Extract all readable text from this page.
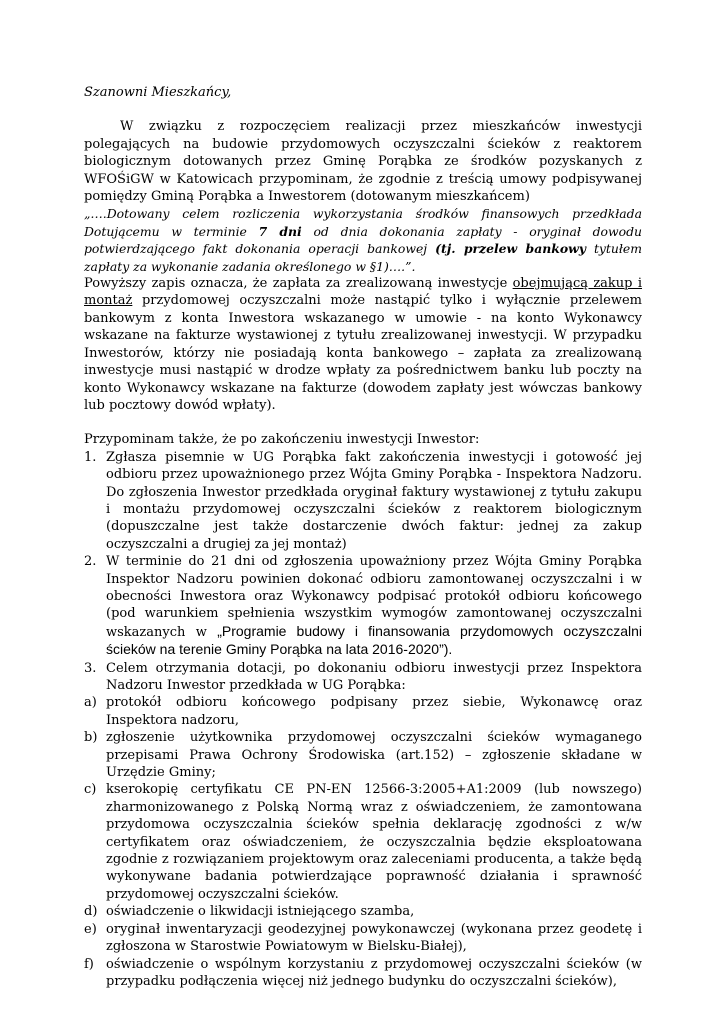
Szanowni Mieszkańcy,

W związku z rozpoczęciem realizacji przez mieszkańców inwestycji polegających na budowie przydomowych oczyszczalni ścieków z reaktorem biologicznym dotowanych przez Gminę Porąbka ze środków pozyskanych z WFOŚiGW w Katowicach przypominam, że zgodnie z treścią umowy podpisywanej pomiędzy Gminą Porąbka a Inwestorem (dotowanym mieszkańcem)

„….Dotowany celem rozliczenia wykorzystania środków finansowych przedkłada Dotującemu w terminie 7 dni od dnia dokonania zapłaty - oryginał dowodu potwierdzającego fakt dokonania operacji bankowej (tj. przelew bankowy tytułem zapłaty za wykonanie zadania określonego w §1)….”.

Powyższy zapis oznacza, że zapłata za zrealizowaną inwestycje obejmującą zakup i montaż przydomowej oczyszczalni może nastąpić tylko i wyłącznie przelewem bankowym z konta Inwestora wskazanego w umowie - na konto Wykonawcy wskazane na fakturze wystawionej z tytułu zrealizowanej inwestycji. W przypadku Inwestorów, którzy nie posiadają konta bankowego – zapłata za zrealizowaną inwestycje musi nastąpić w drodze wpłaty za pośrednictwem banku lub poczty na konto Wykonawcy wskazane na fakturze (dowodem zapłaty jest wówczas bankowy lub pocztowy dowód wpłaty).

Przypominam także, że po zakończeniu inwestycji Inwestor:

1. Zgłasza pisemnie w UG Porąbka fakt zakończenia inwestycji i gotowość jej odbioru przez upoważnionego przez Wójta Gminy Porąbka - Inspektora Nadzoru. Do zgłoszenia Inwestor przedkłada oryginał faktury wystawionej z tytułu zakupu i montażu przydomowej oczyszczalni ścieków z reaktorem biologicznym (dopuszczalne jest także dostarczenie dwóch faktur: jednej za zakup oczyszczalni a drugiej za jej montaż)
2. W terminie do 21 dni od zgłoszenia upoważniony przez Wójta Gminy Porąbka Inspektor Nadzoru powinien dokonać odbioru zamontowanej oczyszczalni i w obecności Inwestora oraz Wykonawcy podpisać protokół odbioru końcowego (pod warunkiem spełnienia wszystkim wymogów zamontowanej oczyszczalni wskazanych w „Programie budowy i finansowania przydomowych oczyszczalni ścieków na terenie Gminy Porąbka na lata 2016-2020”).
3. Celem otrzymania dotacji, po dokonaniu odbioru inwestycji przez Inspektora Nadzoru Inwestor przedkłada w UG Porąbka:
a) protokół odbioru końcowego podpisany przez siebie, Wykonawcę oraz Inspektora nadzoru,
b) zgłoszenie użytkownika przydomowej oczyszczalni ścieków wymaganego przepisami Prawa Ochrony Środowiska (art.152) – zgłoszenie składane w Urzędzie Gminy;
c) kserokopię certyfikatu CE PN-EN 12566-3:2005+A1:2009 (lub nowszego) zharmonizowanego z Polską Normą wraz z oświadczeniem, że zamontowana przydomowa oczyszczalnia ścieków spełnia deklarację zgodności z w/w certyfikatem oraz oświadczeniem, że oczyszczalnia będzie eksploatowana zgodnie z rozwiązaniem projektowym oraz zaleceniami producenta, a także będą wykonywane badania potwierdzające poprawność działania i sprawność przydomowej oczyszczalni ścieków.
d) oświadczenie o likwidacji istniejącego szamba,
e) oryginał inwentaryzacji geodezyjnej powykonawczej (wykonana przez geodetę i zgłoszona w Starostwie Powiatowym w Bielsku-Białej),
f) oświadczenie o wspólnym korzystaniu z przydomowej oczyszczalni ścieków (w przypadku podłączenia więcej niż jednego budynku do oczyszczalni ścieków),
